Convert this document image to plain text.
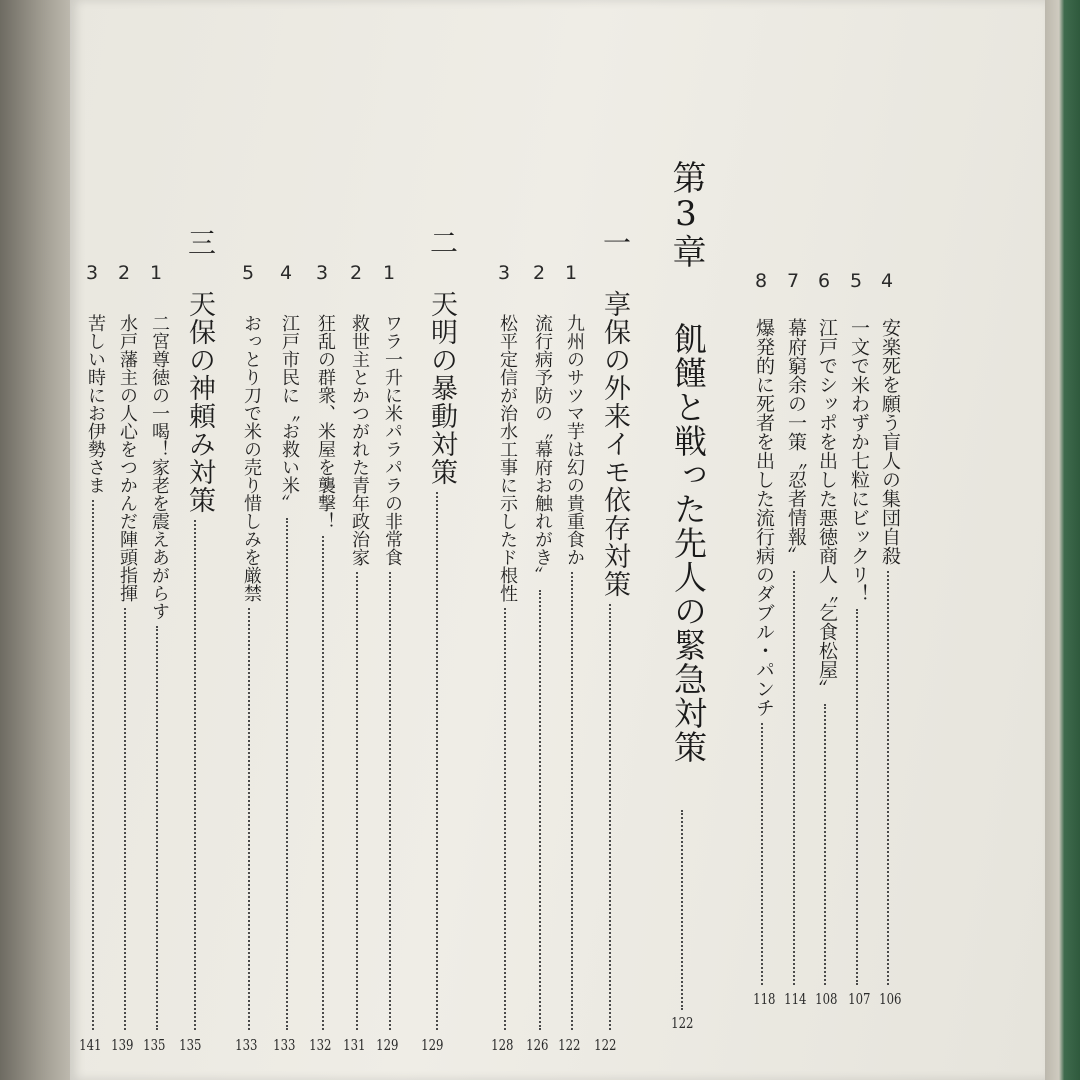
4
安楽死を願う盲人の集団自殺
106
5
一文で米わずか七粒にビックリ！
107
6
江戸でシッポを出した悪徳商人〝乞食松屋〟
108
7
幕府窮余の一策〝忍者情報〟
114
8
爆発的に死者を出した流行病のダブル・パンチ
118
第3章
飢饉と戦った先人の緊急対策
122
一
享保の外来イモ依存対策
122
1
九州のサツマ芋は幻の貴重食か
122
2
流行病予防の〝幕府お触れがき〟
126
3
松平定信が治水工事に示したド根性
128
二
天明の暴動対策
129
1
ワラ一升に米パラパラの非常食
129
2
救世主とかつがれた青年政治家
131
3
狂乱の群衆、米屋を襲撃！
132
4
江戸市民に〝お救い米〟
133
5
おっとり刀で米の売り惜しみを厳禁
133
三
天保の神頼み対策
135
1
二宮尊徳の一喝！家老を震えあがらす
135
2
水戸藩主の人心をつかんだ陣頭指揮
139
3
苦しい時にお伊勢さま
141
